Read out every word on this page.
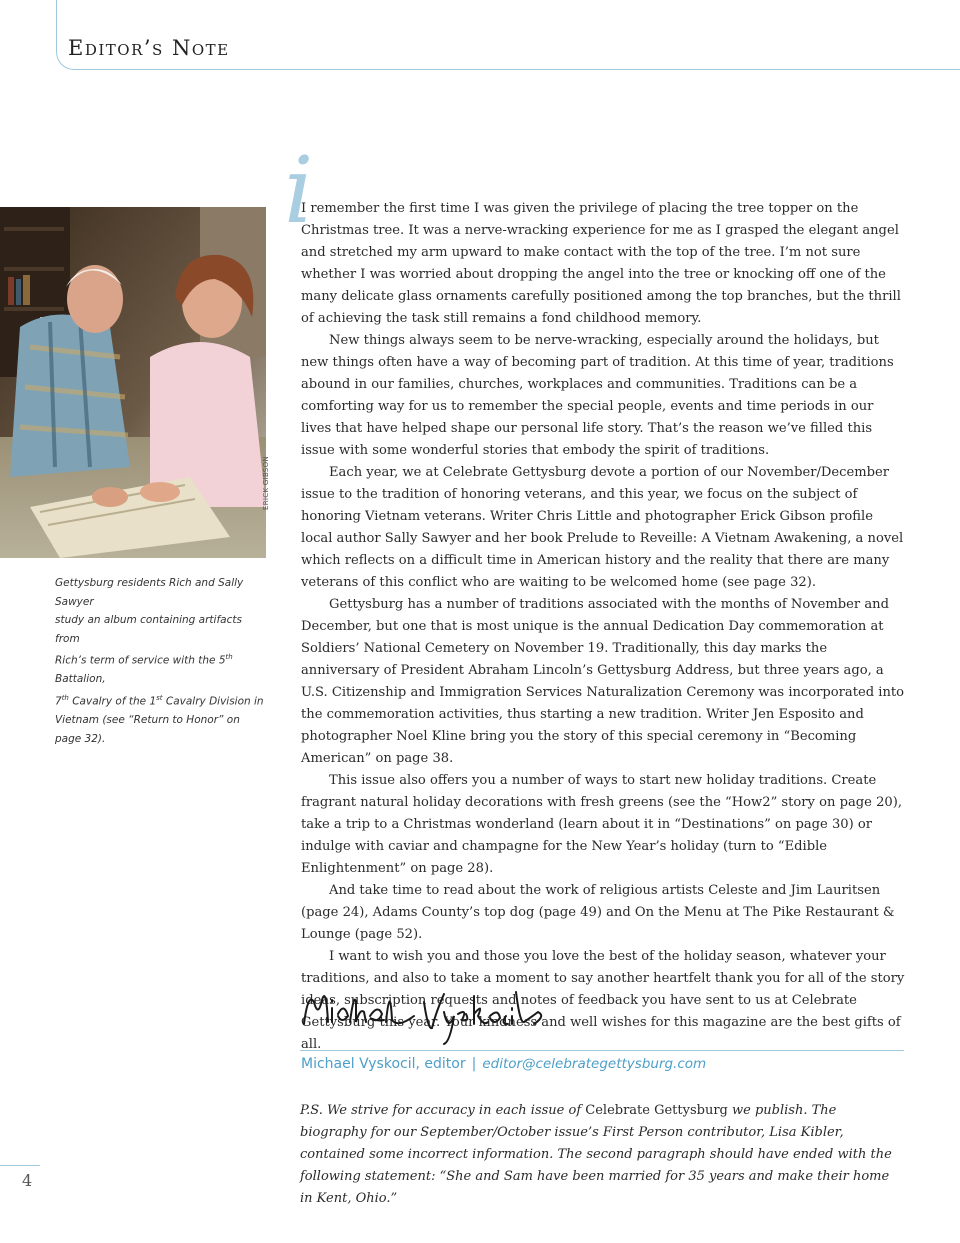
Editor’s Note
ERICK GIBSON
Gettysburg residents Rich and Sally Sawyer
study an album containing artifacts from
Rich’s term of service with the 5th Battalion,
7th Cavalry of the 1st Cavalry Division in
Vietnam (see “Return to Honor” on page 32).
i

I remember the first time I was given the privilege of placing the tree topper on the Christmas tree. It was a nerve-wracking experience for me as I grasped the elegant angel and stretched my arm upward to make contact with the top of the tree. I’m not sure whether I was worried about dropping the angel into the tree or knocking off one of the many delicate glass ornaments carefully positioned among the top branches, but the thrill of achieving the task still remains a fond childhood memory.

New things always seem to be nerve-wracking, especially around the holidays, but new things often have a way of becoming part of tradition. At this time of year, traditions abound in our families, churches, workplaces and communities. Traditions can be a comforting way for us to remember the special people, events and time periods in our lives that have helped shape our personal life story. That’s the reason we’ve filled this issue with some wonderful stories that embody the spirit of traditions.

Each year, we at Celebrate Gettysburg devote a portion of our November/December issue to the tradition of honoring veterans, and this year, we focus on the subject of honoring Vietnam veterans. Writer Chris Little and photographer Erick Gibson profile local author Sally Sawyer and her book Prelude to Reveille: A Vietnam Awakening, a novel which reflects on a difficult time in American history and the reality that there are many veterans of this conflict who are waiting to be welcomed home (see page 32).

Gettysburg has a number of traditions associated with the months of November and December, but one that is most unique is the annual Dedication Day commemoration at Soldiers’ National Cemetery on November 19. Traditionally, this day marks the anniversary of President Abraham Lincoln’s Gettysburg Address, but three years ago, a U.S. Citizenship and Immigration Services Naturalization Ceremony was incorporated into the commemoration activities, thus starting a new tradition. Writer Jen Esposito and photographer Noel Kline bring you the story of this special ceremony in “Becoming American” on page 38.

This issue also offers you a number of ways to start new holiday traditions. Create fragrant natural holiday decorations with fresh greens (see the “How2” story on page 20), take a trip to a Christmas wonderland (learn about it in “Destinations” on page 30) or indulge with caviar and champagne for the New Year’s holiday (turn to “Edible Enlightenment” on page 28).

And take time to read about the work of religious artists Celeste and Jim Lauritsen (page 24), Adams County’s top dog (page 49) and On the Menu at The Pike Restaurant & Lounge (page 52).

I want to wish you and those you love the best of the holiday season, whatever your traditions, and also to take a moment to say another heartfelt thank you for all of the story ideas, subscription requests and notes of feedback you have sent to us at Celebrate Gettysburg this year. Your kindness and well wishes for this magazine are the best gifts of all.

Michael Vyskocil, editor | editor@celebrategettysburg.com
P.S. We strive for accuracy in each issue of Celebrate Gettysburg we publish. The biography for our September/October issue’s First Person contributor, Lisa Kibler, contained some incorrect information. The second paragraph should have ended with the following statement: “She and Sam have been married for 35 years and make their home in Kent, Ohio.”
4
